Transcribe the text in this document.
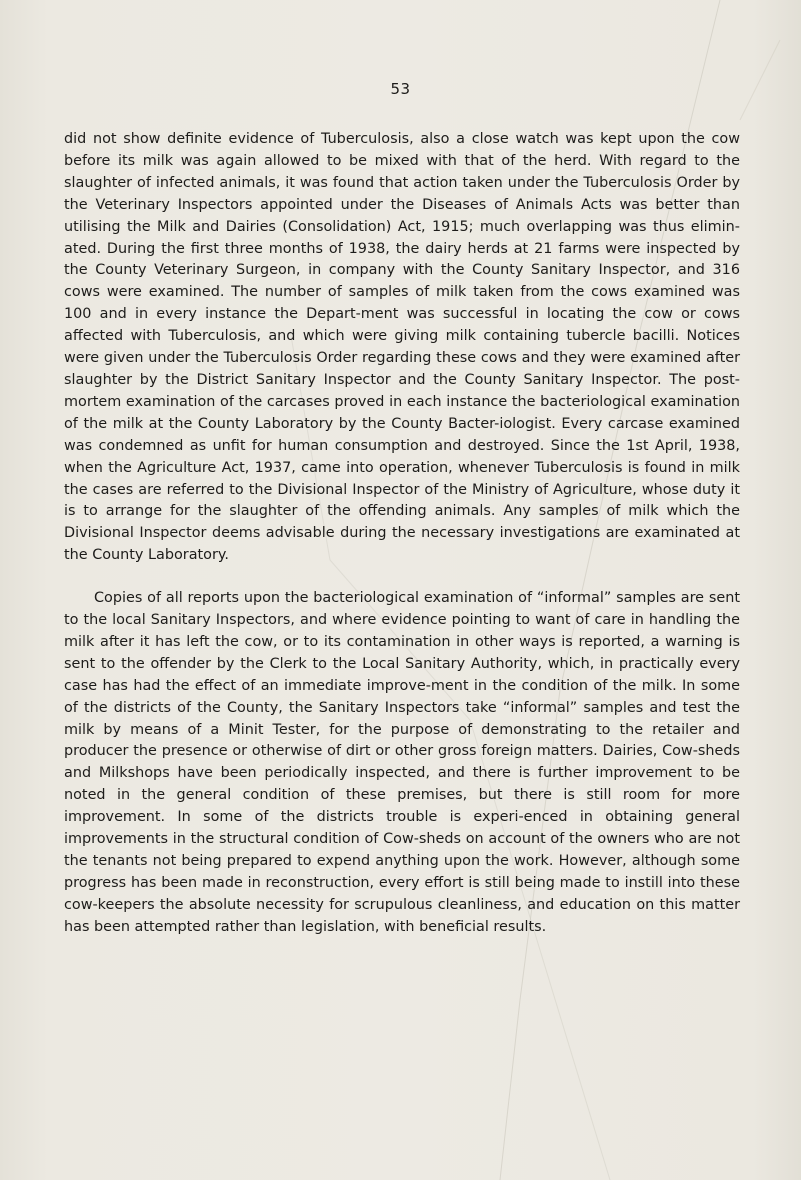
53

did not show definite evidence of Tuberculosis, also a close watch was kept upon the cow before its milk was again allowed to be mixed with that of the herd. With regard to the slaughter of infected animals, it was found that action taken under the Tuberculosis Order by the Veterinary Inspectors appointed under the Diseases of Animals Acts was better than utilising the Milk and Dairies (Consolidation) Act, 1915; much overlapping was thus elimin-ated. During the first three months of 1938, the dairy herds at 21 farms were inspected by the County Veterinary Surgeon, in company with the County Sanitary Inspector, and 316 cows were examined. The number of samples of milk taken from the cows examined was 100 and in every instance the Depart-ment was successful in locating the cow or cows affected with Tuberculosis, and which were giving milk containing tubercle bacilli. Notices were given under the Tuberculosis Order regarding these cows and they were examined after slaughter by the District Sanitary Inspector and the County Sanitary Inspector. The post-mortem examination of the carcases proved in each instance the bacteriological examination of the milk at the County Laboratory by the County Bacter-iologist. Every carcase examined was condemned as unfit for human consumption and destroyed. Since the 1st April, 1938, when the Agriculture Act, 1937, came into operation, whenever Tuberculosis is found in milk the cases are referred to the Divisional Inspector of the Ministry of Agriculture, whose duty it is to arrange for the slaughter of the offending animals. Any samples of milk which the Divisional Inspector deems advisable during the necessary investigations are examinated at the County Laboratory.

Copies of all reports upon the bacteriological examination of “informal” samples are sent to the local Sanitary Inspectors, and where evidence pointing to want of care in handling the milk after it has left the cow, or to its contamination in other ways is reported, a warning is sent to the offender by the Clerk to the Local Sanitary Authority, which, in practically every case has had the effect of an immediate improve-ment in the condition of the milk. In some of the districts of the County, the Sanitary Inspectors take “informal” samples and test the milk by means of a Minit Tester, for the purpose of demonstrating to the retailer and producer the presence or otherwise of dirt or other gross foreign matters. Dairies, Cow-sheds and Milkshops have been periodically inspected, and there is further improvement to be noted in the general condition of these premises, but there is still room for more improvement. In some of the districts trouble is experi-enced in obtaining general improvements in the structural condition of Cow-sheds on account of the owners who are not the tenants not being prepared to expend anything upon the work. However, although some progress has been made in reconstruction, every effort is still being made to instill into these cow-keepers the absolute necessity for scrupulous cleanliness, and education on this matter has been attempted rather than legislation, with beneficial results.
